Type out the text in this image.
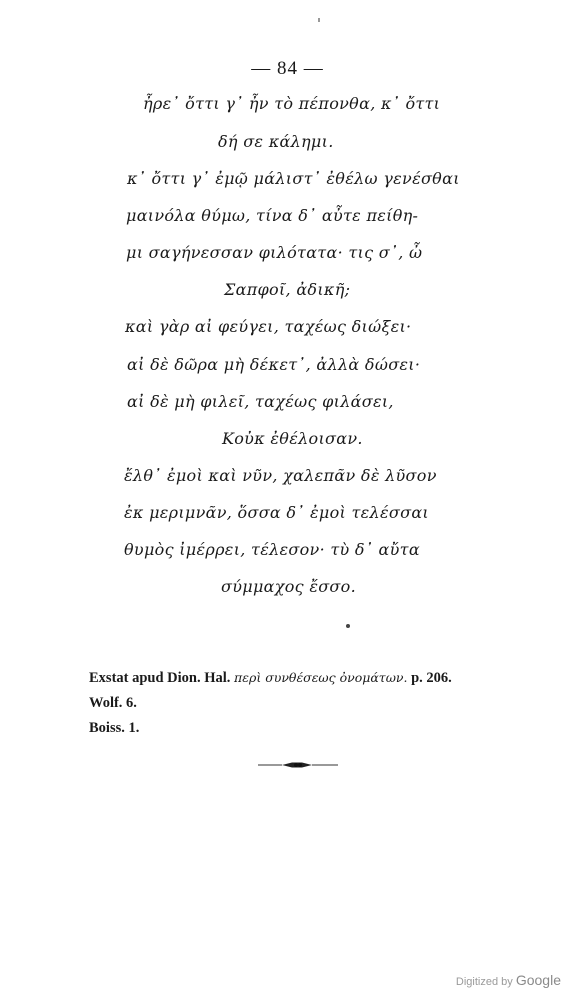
— 84 —
ἦρε᾽ ὄττι γ᾽ ἦν τὸ πέπονθα, κ᾽ ὄττι
δή σε κάλημι.
κ᾽ ὄττι γ᾽ ἐμῷ μάλιστ᾽ ἐθέλω γενέσθαι
μαινόλα θύμω, τίνα δ᾽ αὖτε πείθη-
μι σαγήνεσσαν φιλότατα· τις σ᾽, ὦ
Σαπφοῖ, ἀδικῆ;
καὶ γὰρ αἰ φεύγει, ταχέως διώξει·
αἰ δὲ δῶρα μὴ δέκετ᾽, ἀλλὰ δώσει·
αἰ δὲ μὴ φιλεῖ, ταχέως φιλάσει,
Κοὐκ ἐθέλοισαν.
ἔλθ᾽ ἐμοὶ καὶ νῦν, χαλεπᾶν δὲ λῦσον
ἐκ μεριμνᾶν, ὅσσα δ᾽ ἐμοὶ τελέσσαι
θυμὸς ἰμέρρει, τέλεσον· τὺ δ᾽ αὔτα
σύμμαχος ἔσσο.
Exstat apud Dion. Hal. περὶ συνθέσεως ὀνομάτων. p. 206.
Wolf. 6.
Boiss. 1.
Digitized by Google
